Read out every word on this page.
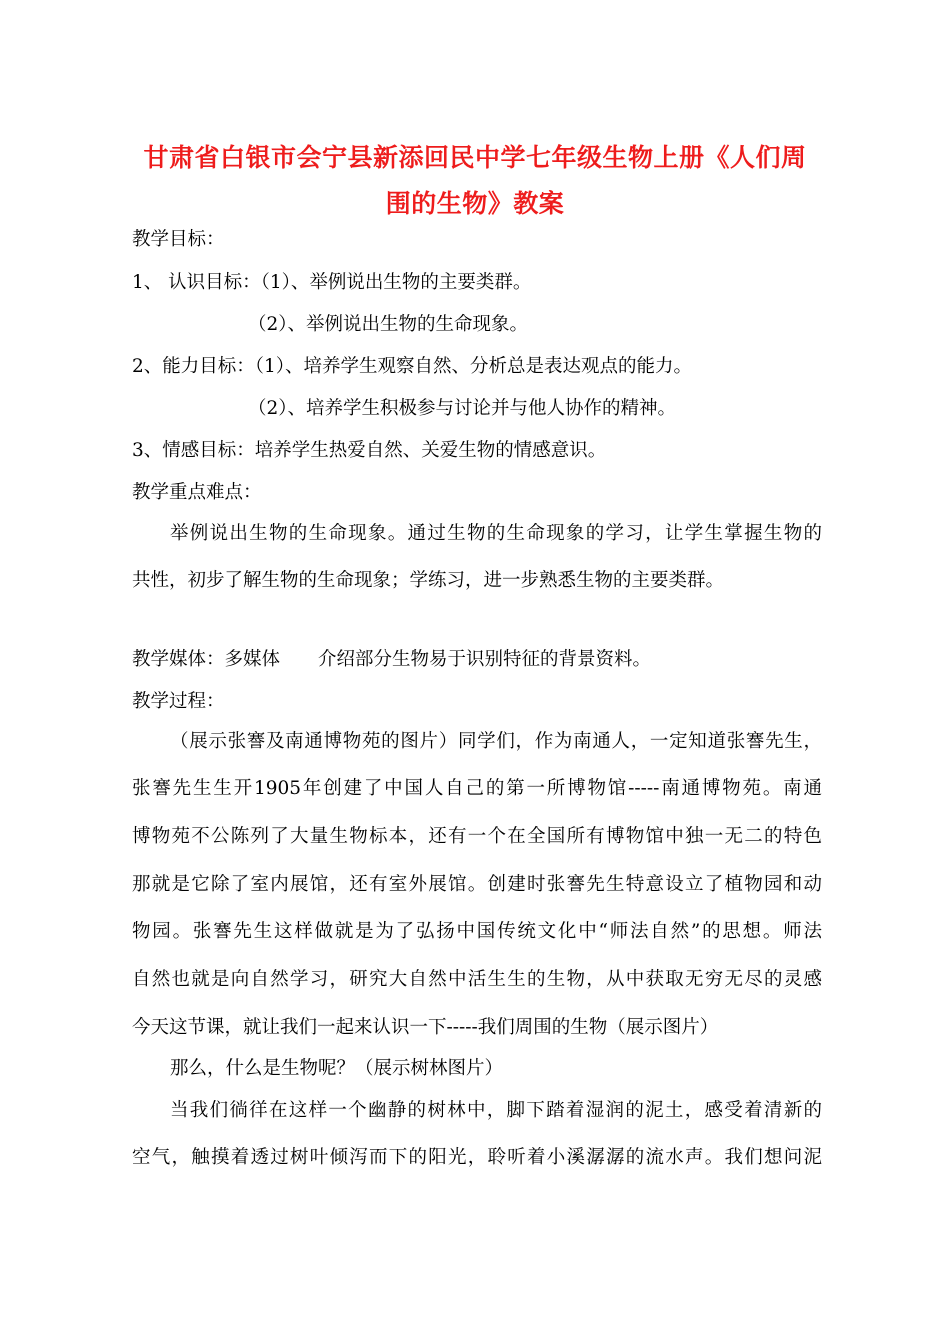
甘肃省白银市会宁县新添回民中学七年级生物上册《人们周
围的生物》教案
教学目标：
1、 认识目标：（1）、举例说出生物的主要类群。
（2）、举例说出生物的生命现象。
2、能力目标：（1）、培养学生观察自然、分析总是表达观点的能力。
（2）、培养学生积极参与讨论并与他人协作的精神。
3、情感目标：培养学生热爱自然、关爱生物的情感意识。
教学重点难点：
举例说出生物的生命现象。通过生物的生命现象的学习，让学生掌握生物的
共性，初步了解生物的生命现象；学练习，进一步熟悉生物的主要类群。
教学媒体：多媒体 介绍部分生物易于识别特征的背景资料。
教学过程：
（展示张謇及南通博物苑的图片）同学们，作为南通人，一定知道张謇先生，
张謇先生生开1905年创建了中国人自己的第一所博物馆-----南通博物苑。南通
博物苑不公陈列了大量生物标本，还有一个在全国所有博物馆中独一无二的特色
那就是它除了室内展馆，还有室外展馆。创建时张謇先生特意设立了植物园和动
物园。张謇先生这样做就是为了弘扬中国传统文化中“师法自然”的思想。师法
自然也就是向自然学习，研究大自然中活生生的生物，从中获取无穷无尽的灵感
今天这节课，就让我们一起来认识一下-----我们周围的生物（展示图片）
那么，什么是生物呢？（展示树林图片）
当我们徜徉在这样一个幽静的树林中，脚下踏着湿润的泥土，感受着清新的
空气，触摸着透过树叶倾泻而下的阳光，聆听着小溪潺潺的流水声。我们想问泥
